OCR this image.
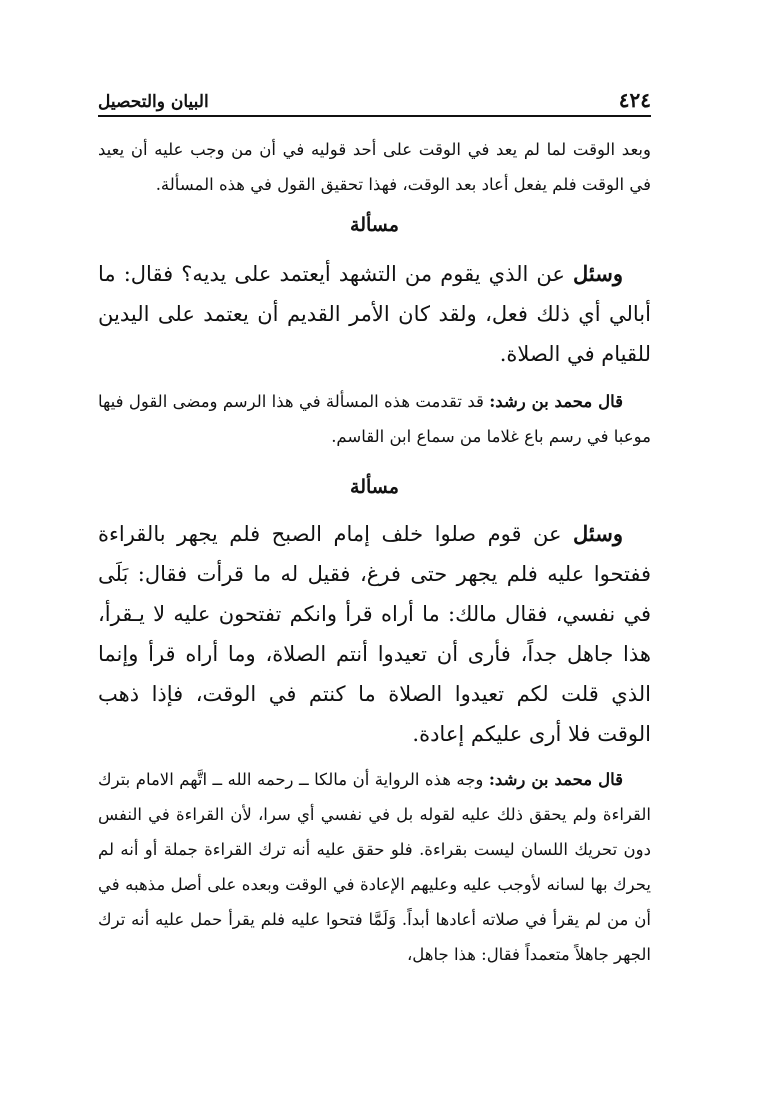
٤٢٤
البيان والتحصيل

وبعد الوقت لما لم يعد في الوقت على أحد قوليه في أن من وجب عليه أن يعيد في الوقت فلم يفعل أعاد بعد الوقت، فهذا تحقيق القول في هذه المسألة.

مسألة

وسئل عن الذي يقوم من التشهد أيعتمد على يديه؟ فقال: ما أبالي أي ذلك فعل، ولقد كان الأمر القديم أن يعتمد على اليدين للقيام في الصلاة.

قال محمد بن رشد: قد تقدمت هذه المسألة في هذا الرسم ومضى القول فيها موعبا في رسم باع غلاما من سماع ابن القاسم.

مسألة

وسئل عن قوم صلوا خلف إمام الصبح فلم يجهر بالقراءة ففتحوا عليه فلم يجهر حتى فرغ، فقيل له ما قرأت فقال: بَلَى في نفسي، فقال مالك: ما أراه قرأ وانكم تفتحون عليه لا يـقرأ، هذا جاهل جداً، فأرى أن تعيدوا أنتم الصلاة، وما أراه قرأ وإنما الذي قلت لكم تعيدوا الصلاة ما كنتم في الوقت، فإذا ذهب الوقت فلا أرى عليكم إعادة.

قال محمد بن رشد: وجه هذه الرواية أن مالكا ــ رحمه الله ــ اتَّهم الامام بترك القراءة ولم يحقق ذلك عليه لقوله بل في نفسي أي سرا، لأن القراءة في النفس دون تحريك اللسان ليست بقراءة. فلو حقق عليه أنه ترك القراءة جملة أو أنه لم يحرك بها لسانه لأوجب عليه وعليهم الإعادة في الوقت وبعده على أصل مذهبه في أن من لم يقرأ في صلاته أعادها أبداً. وَلَمَّا فتحوا عليه فلم يقرأ حمل عليه أنه ترك الجهر جاهلاً متعمداً فقال: هذا جاهل،
